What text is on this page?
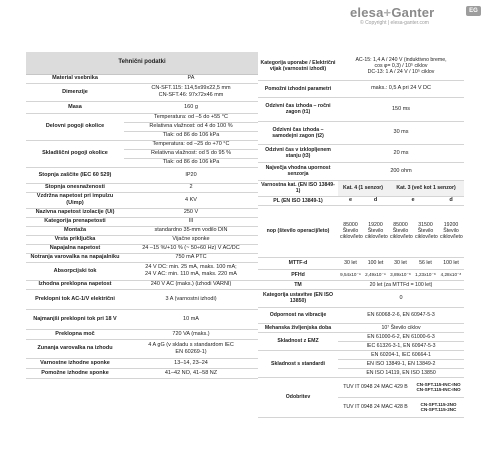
elesa+Ganter
© Copyright | elesa-ganter.com
EG
Tehnični podatki	
Material vsebnika	PA
Dimenzije	CN-SFT.115: 114,5x99x22,5 mm
CN-SFT.46: 97x72x46 mm

Masa	160 g
Delovni pogoji okolice	Temperatura: od –5 do +55 °C
	Relativna vlažnost: od 4 do 100 %
	Tlak: od 86 do 106 kPa
Skladiščni pogoji okolice	Temperatura: od –25 do +70 °C
	Relativna vlažnost: od 5 do 95 %
	Tlak: od 86 do 106 kPa
Stopnja zaščite (IEC 60 529)	IP20
Stopnja onesnaženosti	2
Vzdržna napetost pri impulzu (Uimp)	4 KV
Nazivna napetost izolacije (Ui)	250 V
Kategorija prenapetosti	III
Montaža	standardno 35-mm vodilo DIN
Vrsta priključka	Vijačne sponke
Napajalna napetost	24 –15 %/+10 % (~ 50÷60 Hz) V AC/DC
Notranja varovalka na napajalniku	750 mA PTC
Absorpcijski tok	24 V DC: min. 25 mA, maks. 100 mA;
24 V AC: min. 110 mA, maks. 220 mA

Izhodna preklopna napetost	240 V AC (maks.) (izhodi VARNI)
Preklopni tok AC-1/V električni	3 A (varnostni izhodi)
Najmanjši preklopni tok pri 18 V	10 mA
Preklopna moč	720 VA (maks.)
Zunanja varovalka na izhodu	4 A gG (v skladu s standardom IEC
EN 60269-1)

Varnostne izhodne sponke	13–14, 23–24
Pomožne izhodne sponke	41–42 NO, 41–58 NZ
Kategorija uporabe / Električni vijak (varnostni izhodi)	AC-15: 1,4 A / 240 V (induktivno breme,
cos φ= 0,3) / 10⁵ ciklov
DC-13: 1 A / 24 V / 10⁵ ciklov				

Pomožni izhodni parametri	maks.: 0,5 A pri 24 V DC				
Odzivni čas izhoda – ročni zagon (t1)	150 ms				
Odzivni čas izhoda – samodejni zagon (t2)	30 ms				
Odzivni čas v izklopljenem stanju (t3)	20 ms				
Največja vhodna upornost senzorja	200 ohm				
Varnostna kat. (EN ISO 13849-1)	Kat. 4 (1 senzor)		Kat. 3 (več kot 1 senzor)		
PL (EN ISO 13849-1)	e	d	e		d
nop (število operacij/leto)	85000 Število ciklov/leto	19200 Število ciklov/leto	85000 Število ciklov/leto	31500 Število ciklov/leto	19200 Število ciklov/leto
MTTF-d	30 let	100 let	30 let	56 let	100 let
PFHd	9,54x10⁻⁹	2,49x10⁻⁹	3,89x10⁻⁸	1,23x10⁻⁸	4,28x10⁻⁸
TM	20 let (za MTTFd = 100 let)				
Kategorija ustavitve (EN ISO 13850)	0				
Odpornost na vibracije	EN 60068-2-6, EN 60947-5-3				
Mehanska življenjska doba	10⁷ Število ciklov				
Skladnost z EMZ	EN 61000-6-2, EN 61000-6-3				
	IEC 61326-3-1, EN 60947-5-3				
Skladnost s standardi	EN 60204-1, IEC 60664-1				
	EN ISO 13849-1, EN 13849-2				
	EN ISO 14119, EN ISO 13850				
Odobritev	TUV IT 0948 24 MAC 429 B			CN-SFT.115-INC-INO
CN-SFT.115-INC-INO	

	TUV IT 0948 24 MAC 428 B			CN-SFT.115-2NO
CN-SFT.115-2NC	
